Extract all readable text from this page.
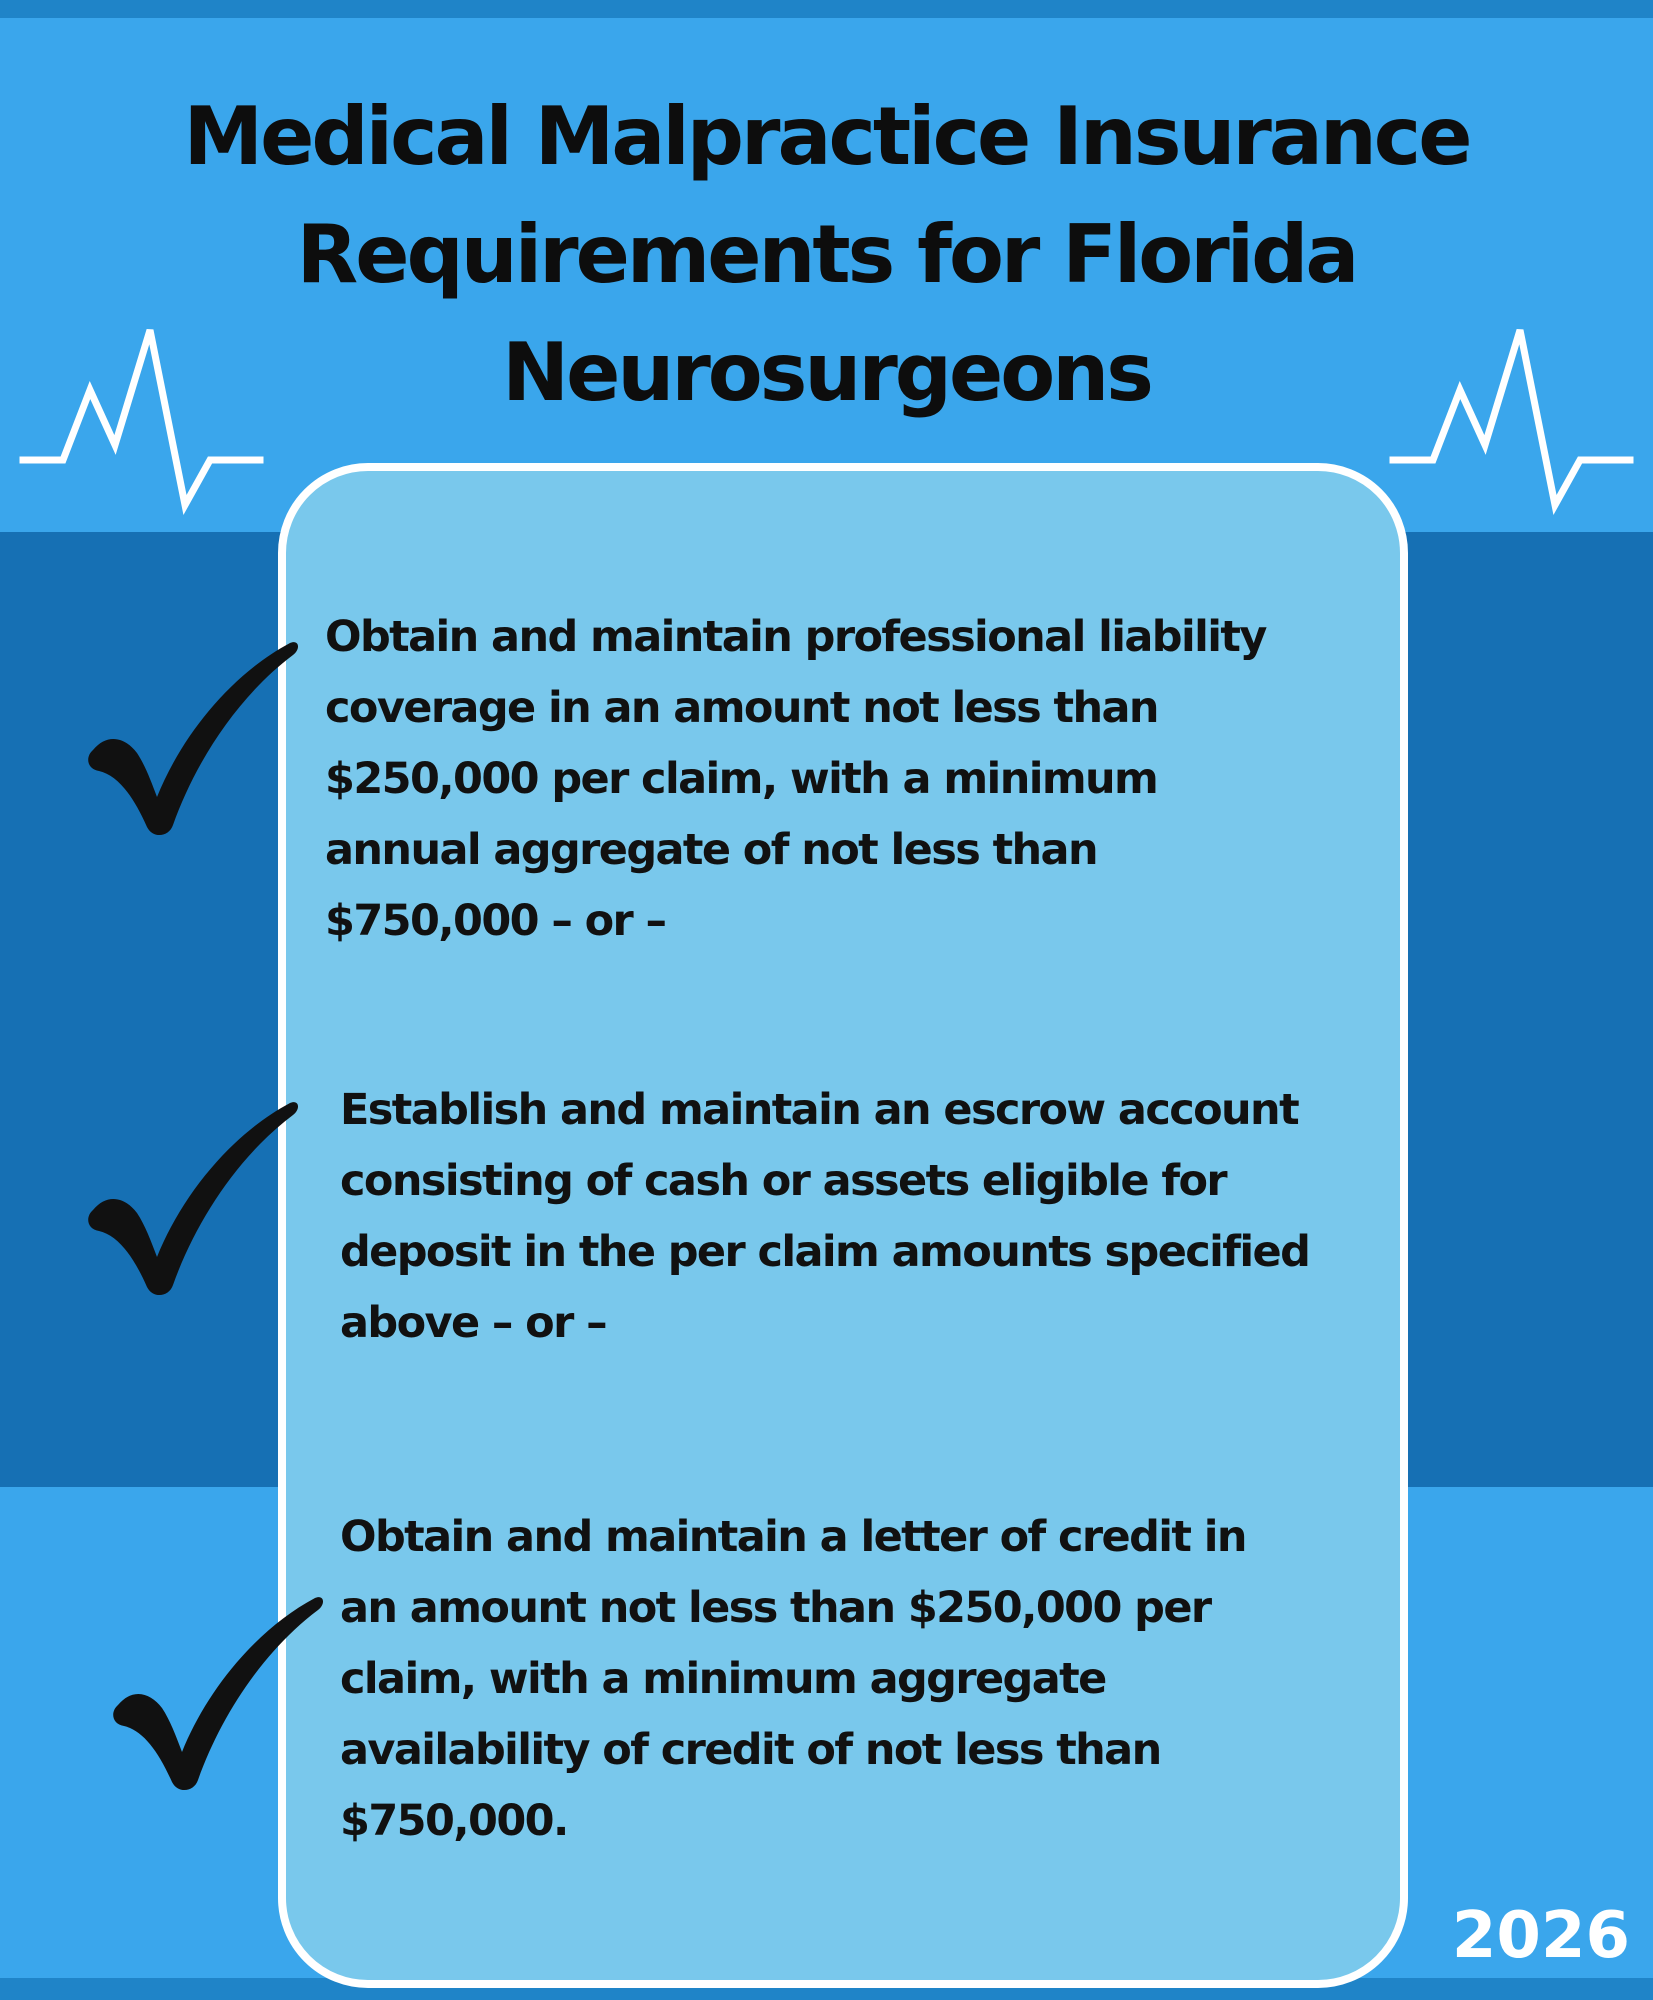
Medical Malpractice Insurance
Requirements for Florida
Neurosurgeons

Obtain and maintain professional liability
coverage in an amount not less than
$250,000 per claim, with a minimum
annual aggregate of not less than
$750,000 – or –

Establish and maintain an escrow account
consisting of cash or assets eligible for
deposit in the per claim amounts specified
above – or –

Obtain and maintain a letter of credit in
an amount not less than $250,000 per
claim, with a minimum aggregate
availability of credit of not less than
$750,000.

2026
